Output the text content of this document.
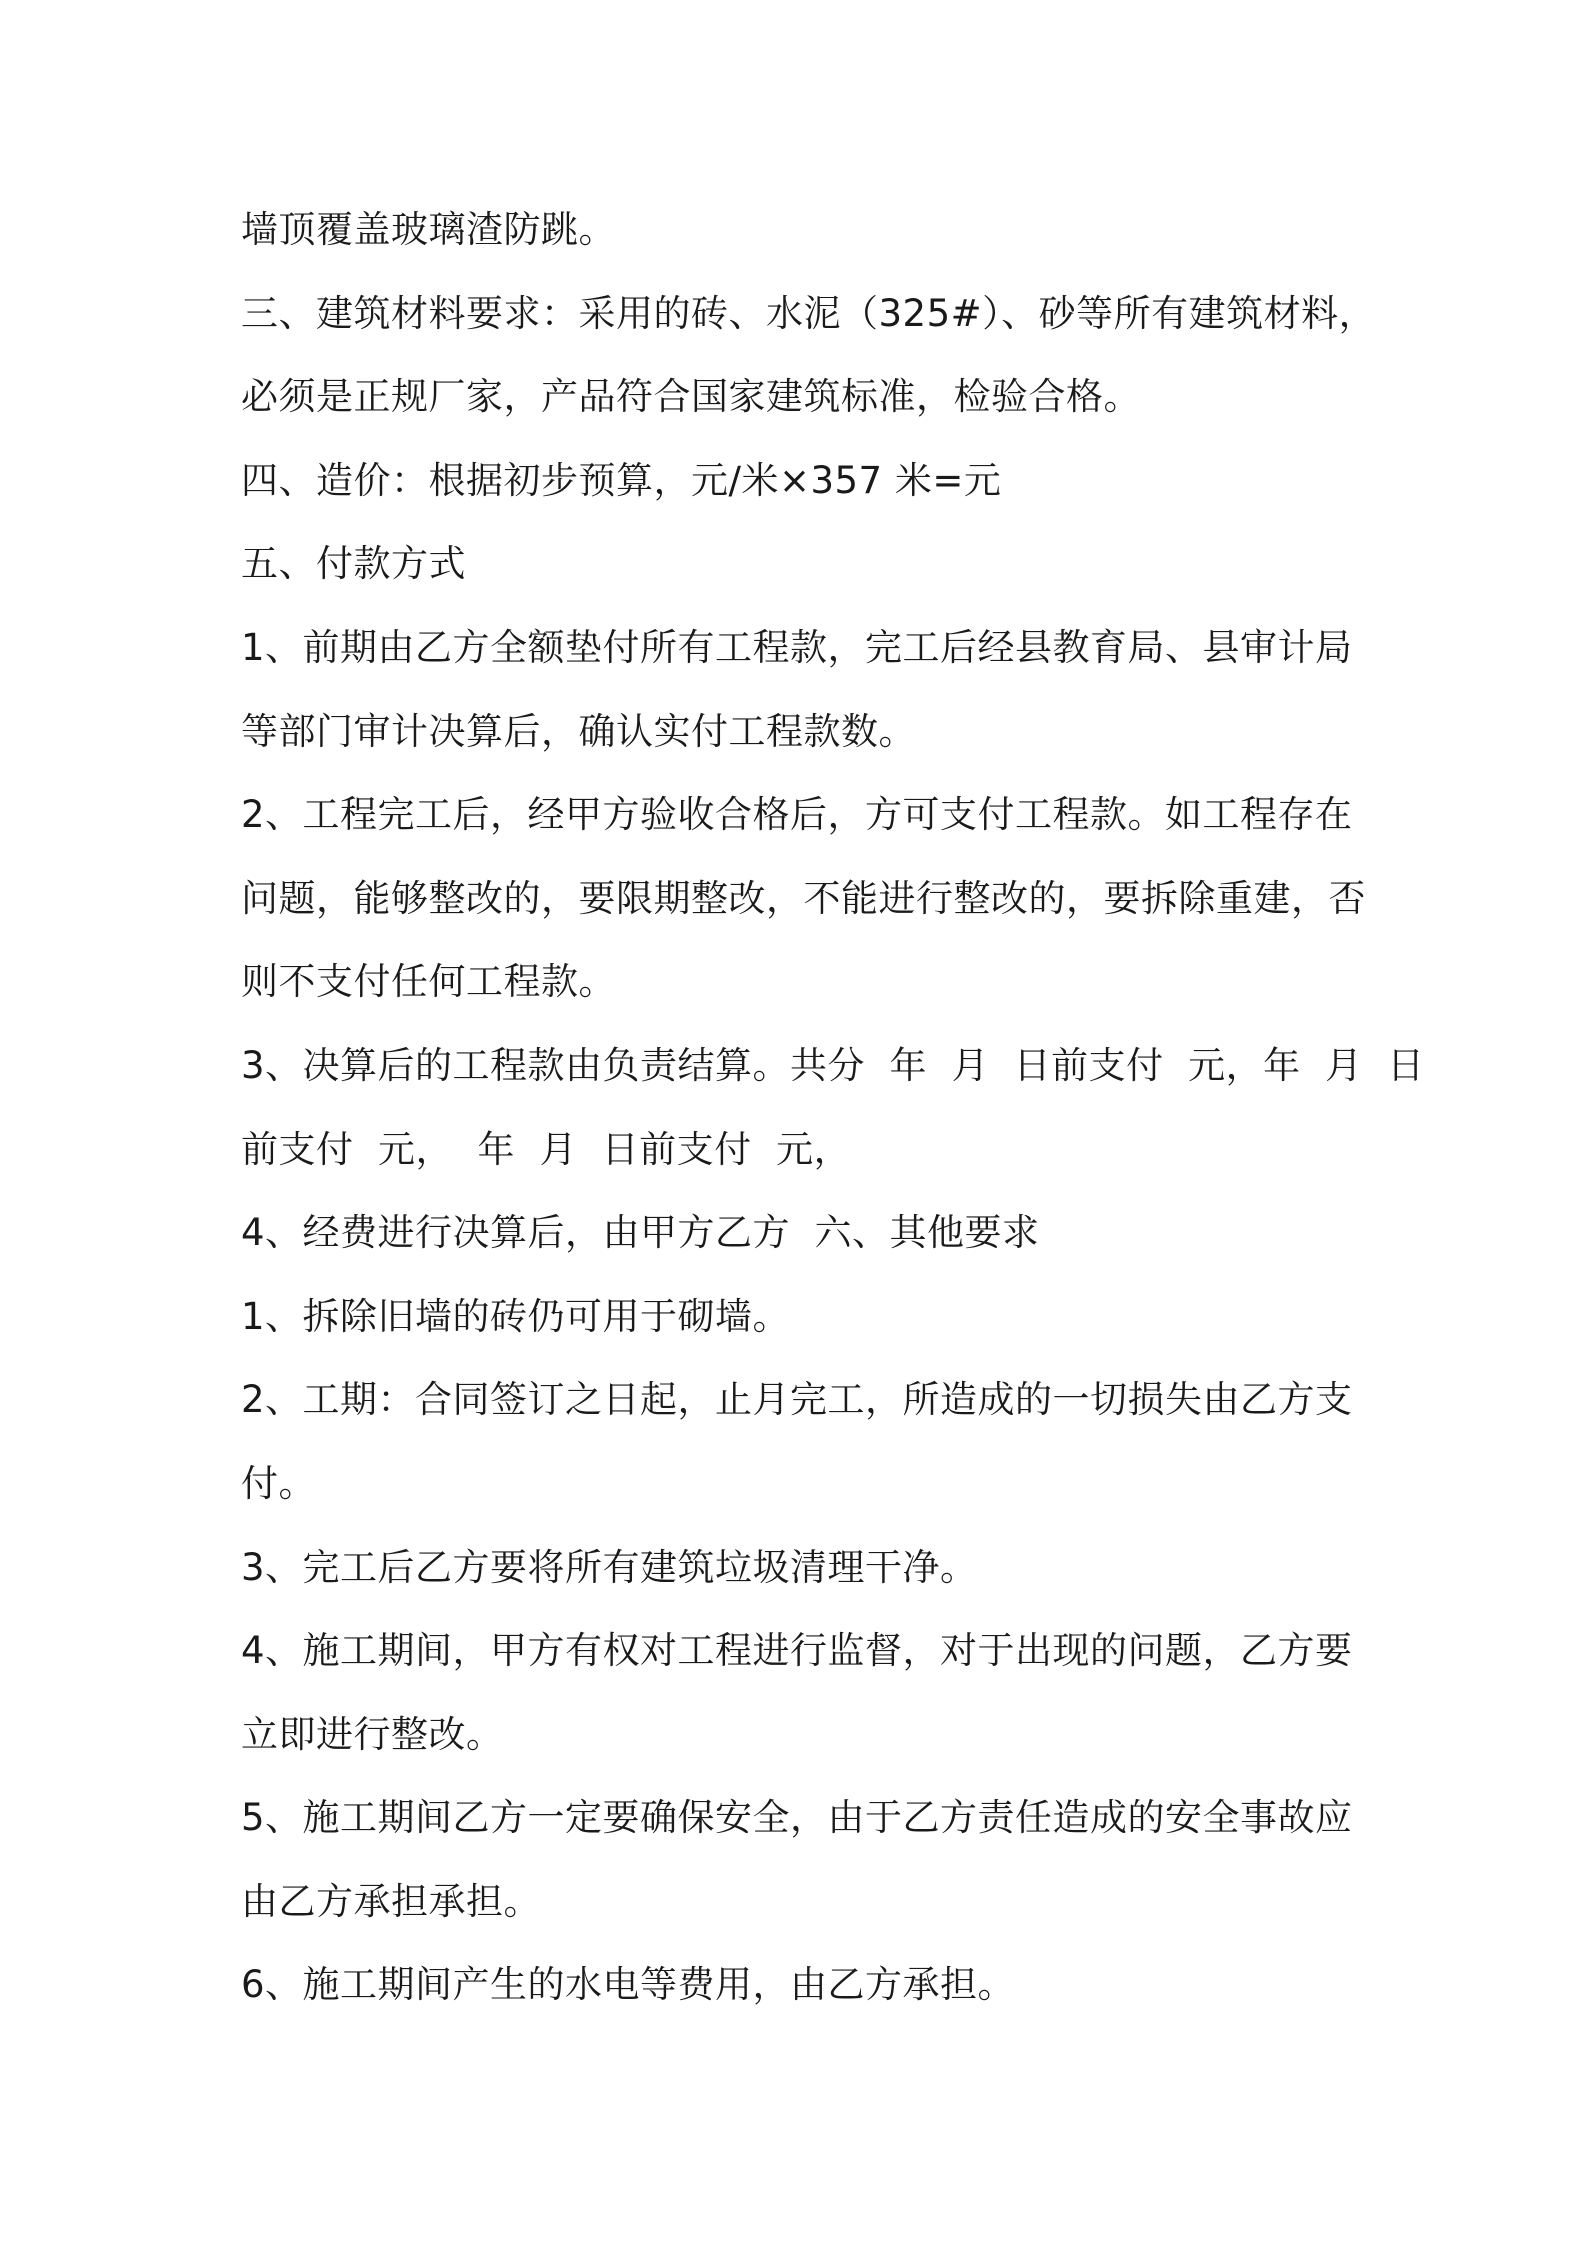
墙顶覆盖玻璃渣防跳。
三、建筑材料要求：采用的砖、水泥（325#）、砂等所有建筑材料，
必须是正规厂家，产品符合国家建筑标准，检验合格。
四、造价：根据初步预算，元/米×357 米=元
五、付款方式
1、前期由乙方全额垫付所有工程款，完工后经县教育局、县审计局
等部门审计决算后，确认实付工程款数。
2、工程完工后，经甲方验收合格后，方可支付工程款。如工程存在
问题，能够整改的，要限期整改，不能进行整改的，要拆除重建，否
则不支付任何工程款。
3、决算后的工程款由负责结算。共分  年  月  日前支付  元，年  月  日
前支付  元，  年  月  日前支付  元，
4、经费进行决算后，由甲方乙方  六、其他要求
1、拆除旧墙的砖仍可用于砌墙。
2、工期：合同签订之日起，止月完工，所造成的一切损失由乙方支
付。
3、完工后乙方要将所有建筑垃圾清理干净。
4、施工期间，甲方有权对工程进行监督，对于出现的问题，乙方要
立即进行整改。
5、施工期间乙方一定要确保安全，由于乙方责任造成的安全事故应
由乙方承担承担。
6、施工期间产生的水电等费用，由乙方承担。
